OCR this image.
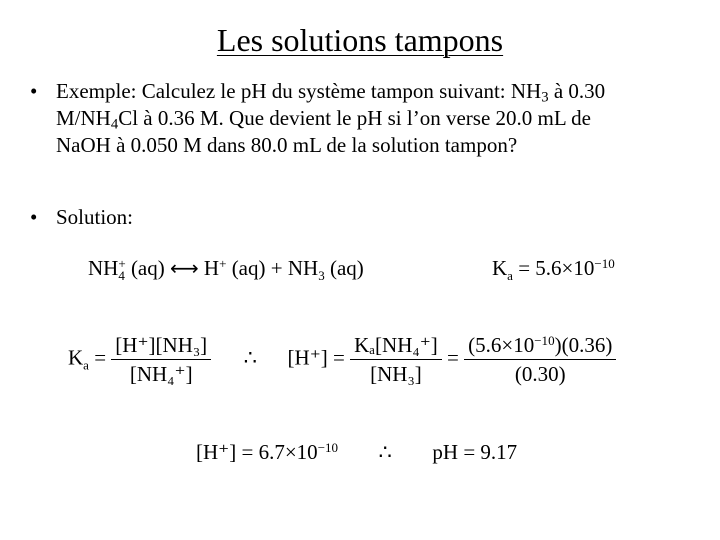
Les solutions tampons
• Exemple: Calculez le pH du système tampon suivant: $NH_3$ à 0.30
$M/NH_4Cl$ à 0.36 M. Que devient le pH si l’on verse 20.0 mL de
NaOH à 0.050 M dans 80.0 mL de la solution tampon?
• Solution:
NH +
4 (aq) ⟷ H+ $(aq) + NH_3$ (aq)	$K_a = 5.6\times 10^{-10}$
$K_a = \frac{\text{[H⁺][NH₃]}}{\text{[NH₄⁺]}}$ ∴ $[H^+] = \frac{\text{Kₐ[NH₄⁺]}}{\text{[NH₃]}} = \frac{(5.6\times 10^{-10})(0.36)}{(0.30)}$
$[H^+] = 6.7\times 10^{-10}$ ∴ pH = 9.17
